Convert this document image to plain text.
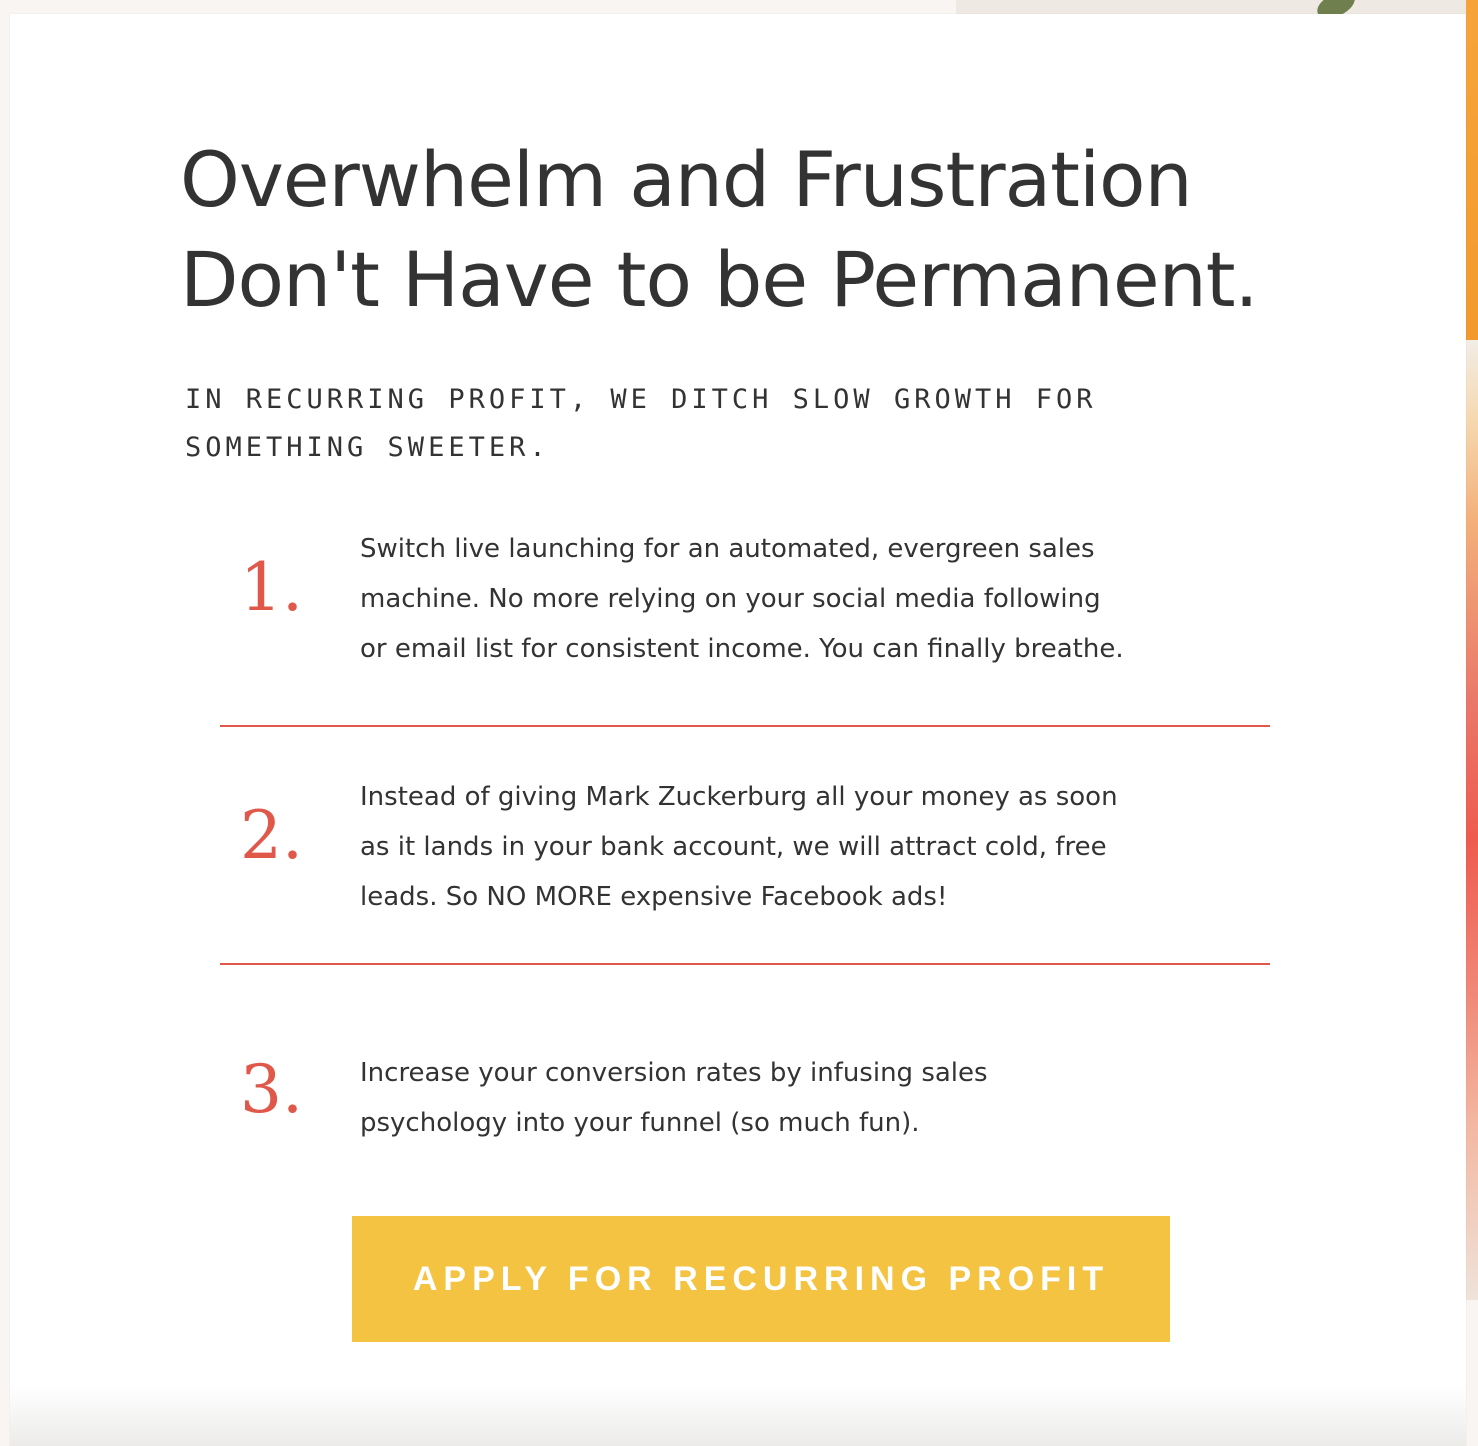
Overwhelm and Frustration
Don't Have to be Permanent.

IN RECURRING PROFIT, WE DITCH SLOW GROWTH FOR
SOMETHING SWEETER.

1.	Switch live launching for an automated, evergreen sales
machine. No more relying on your social media following
or email list for consistent income. You can finally breathe.

2.	Instead of giving Mark Zuckerburg all your money as soon
as it lands in your bank account, we will attract cold, free
leads. So NO MORE expensive Facebook ads!

3.	Increase your conversion rates by infusing sales
psychology into your funnel (so much fun).

APPLY FOR RECURRING PROFIT
